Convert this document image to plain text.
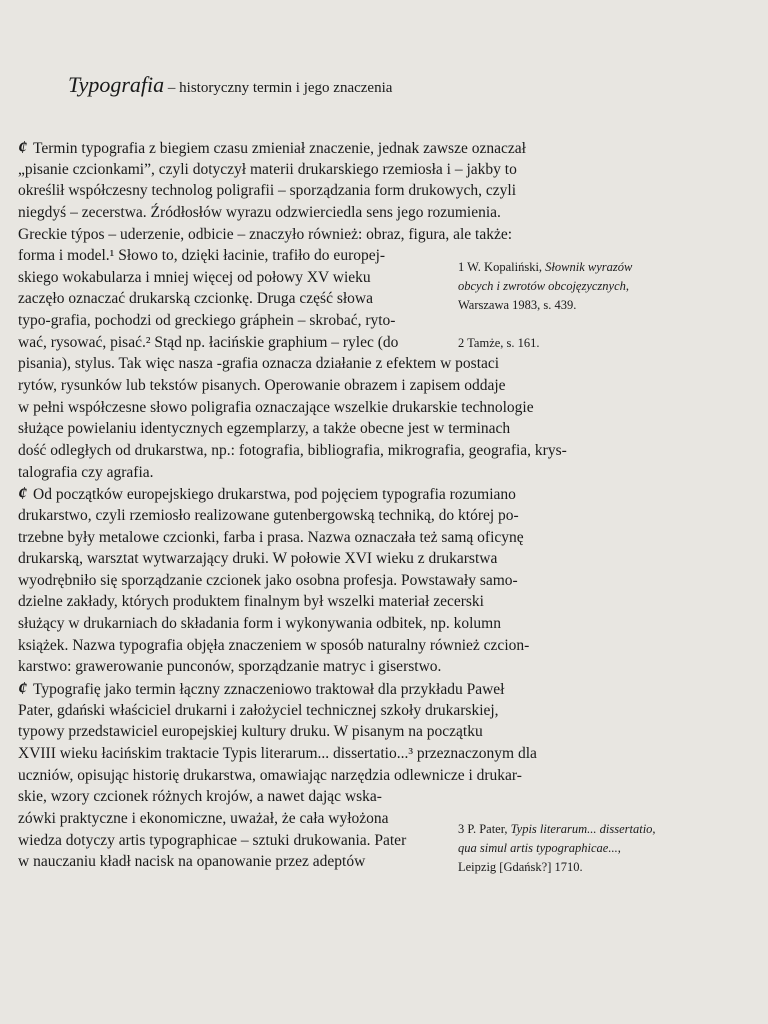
Typografia – historyczny termin i jego znaczenia
¢ Termin typografia z biegiem czasu zmieniał znaczenie, jednak zawsze oznaczał
„pisanie czcionkami”, czyli dotyczył materii drukarskiego rzemiosła i – jakby to
określił współczesny technolog poligrafii – sporządzania form drukowych, czyli
niegdyś – zecerstwa. Źródłosłów wyrazu odzwierciedla sens jego rozumienia.
Greckie týpos – uderzenie, odbicie – znaczyło również: obraz, figura, ale także:
forma i model.¹ Słowo to, dzięki łacinie, trafiło do europej-
skiego wokabularza i mniej więcej od połowy XV wieku
zaczęło oznaczać drukarską czcionkę. Druga część słowa
typo-grafia, pochodzi od greckiego gráphein – skrobać, ryto-
wać, rysować, pisać.² Stąd np. łacińskie graphium – rylec (do
pisania), stylus. Tak więc nasza -grafia oznacza działanie z efektem w postaci
rytów, rysunków lub tekstów pisanych. Operowanie obrazem i zapisem oddaje
w pełni współczesne słowo poligrafia oznaczające wszelkie drukarskie technologie
służące powielaniu identycznych egzemplarzy, a także obecne jest w terminach
dość odległych od drukarstwa, np.: fotografia, bibliografia, mikrografia, geografia, krys-
talografia czy agrafia.
¢ Od początków europejskiego drukarstwa, pod pojęciem typografia rozumiano
drukarstwo, czyli rzemiosło realizowane gutenbergowską techniką, do której po-
trzebne były metalowe czcionki, farba i prasa. Nazwa oznaczała też samą oficynę
drukarską, warsztat wytwarzający druki. W połowie XVI wieku z drukarstwa
wyodrębniło się sporządzanie czcionek jako osobna profesja. Powstawały samo-
dzielne zakłady, których produktem finalnym był wszelki materiał zecerski
służący w drukarniach do składania form i wykonywania odbitek, np. kolumn
książek. Nazwa typografia objęła znaczeniem w sposób naturalny również czcion-
karstwo: grawerowanie punconów, sporządzanie matryc i giserstwo.
¢ Typografię jako termin łączny zznaczeniowo traktował dla przykładu Paweł
Pater, gdański właściciel drukarni i założyciel technicznej szkoły drukarskiej,
typowy przedstawiciel europejskiej kultury druku. W pisanym na początku
XVIII wieku łacińskim traktacie Typis literarum... dissertatio...³ przeznaczonym dla
uczniów, opisując historię drukarstwa, omawiając narzędzia odlewnicze i drukar-
skie, wzory czcionek różnych krojów, a nawet dając wska-
zówki praktyczne i ekonomiczne, uważał, że cała wyłożona
wiedza dotyczy artis typographicae – sztuki drukowania. Pater
w nauczaniu kładł nacisk na opanowanie przez adeptów
1 W. Kopaliński, Słownik wyrazów obcych i zwrotów obcojęzycznych, Warszawa 1983, s. 439.
2 Tamże, s. 161.
3 P. Pater, Typis literarum... dissertatio, qua simul artis typographicae..., Leipzig [Gdańsk?] 1710.
